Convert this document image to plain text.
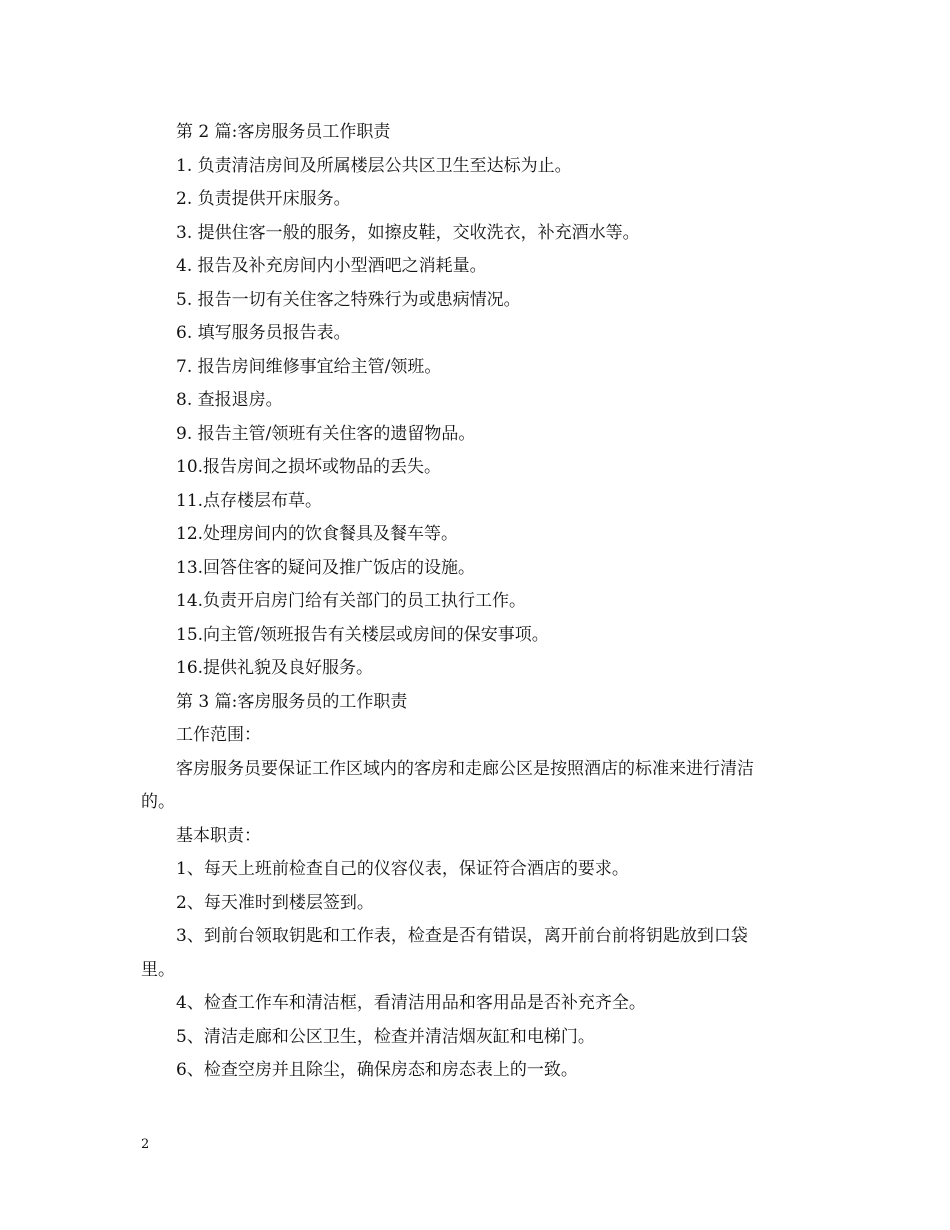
第 2 篇:客房服务员工作职责
1. 负责清洁房间及所属楼层公共区卫生至达标为止。
2. 负责提供开床服务。
3. 提供住客一般的服务，如擦皮鞋，交收洗衣，补充酒水等。
4. 报告及补充房间内小型酒吧之消耗量。
5. 报告一切有关住客之特殊行为或患病情况。
6. 填写服务员报告表。
7. 报告房间维修事宜给主管/领班。
8. 查报退房。
9. 报告主管/领班有关住客的遗留物品。
10.报告房间之损坏或物品的丢失。
11.点存楼层布草。
12.处理房间内的饮食餐具及餐车等。
13.回答住客的疑问及推广饭店的设施。
14.负责开启房门给有关部门的员工执行工作。
15.向主管/领班报告有关楼层或房间的保安事项。
16.提供礼貌及良好服务。
第 3 篇:客房服务员的工作职责
工作范围：
客房服务员要保证工作区域内的客房和走廊公区是按照酒店的标准来进行清洁
的。
基本职责：
1、每天上班前检查自己的仪容仪表，保证符合酒店的要求。
2、每天准时到楼层签到。
3、到前台领取钥匙和工作表，检查是否有错误，离开前台前将钥匙放到口袋
里。
4、检查工作车和清洁框，看清洁用品和客用品是否补充齐全。
5、清洁走廊和公区卫生，检查并清洁烟灰缸和电梯门。
6、检查空房并且除尘，确保房态和房态表上的一致。
2
